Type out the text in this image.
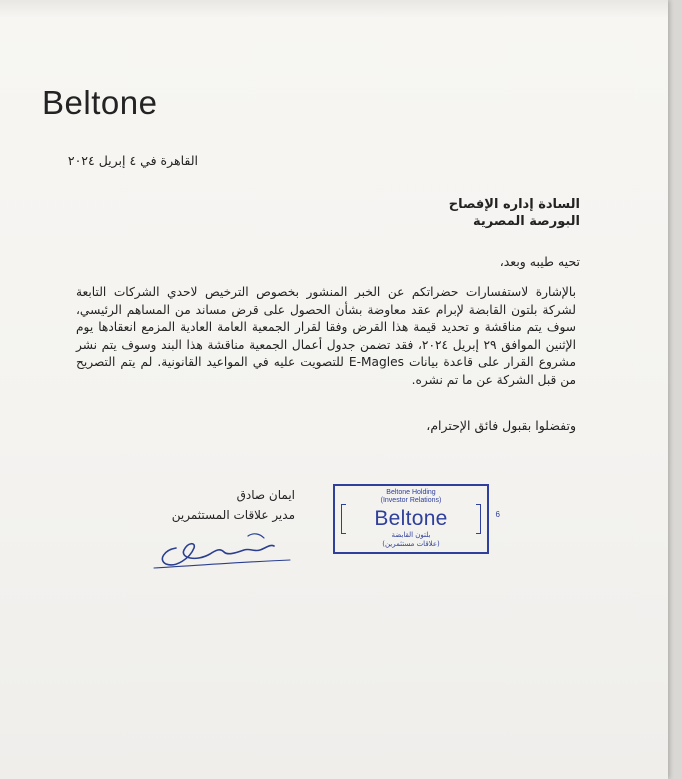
Beltone
القاهرة في ٤ إبريل ٢٠٢٤
السادة إداره الإفصاح
البورصة المصرية
تحيه طيبه وبعد،
بالإشارة لاستفسارات حضراتكم عن الخبر المنشور بخصوص الترخيص لاحدي الشركات التابعة لشركة بلتون القابضة لإبرام عقد معاوضة بشأن الحصول على قرض مساند من المساهم الرئيسي، سوف يتم مناقشة و تحديد قيمة هذا القرض وفقا لقرار الجمعية العامة العادية المزمع انعقادها يوم الإثنين الموافق ٢٩ إبريل ٢٠٢٤، فقد تضمن جدول أعمال الجمعية مناقشة هذا البند وسوف يتم نشر مشروع القرار على قاعدة بيانات E-Magles للتصويت عليه في المواعيد القانونية. لم يتم التصريح من قبل الشركة عن ما تم نشره.
وتفضلوا بقبول فائق الإحترام،
ايمان صادق
مدير علاقات المستثمرين
Beltone Holding
(Investor Relations)
Beltone
بلتون القابضة
(علاقات مستثمرين)
6
